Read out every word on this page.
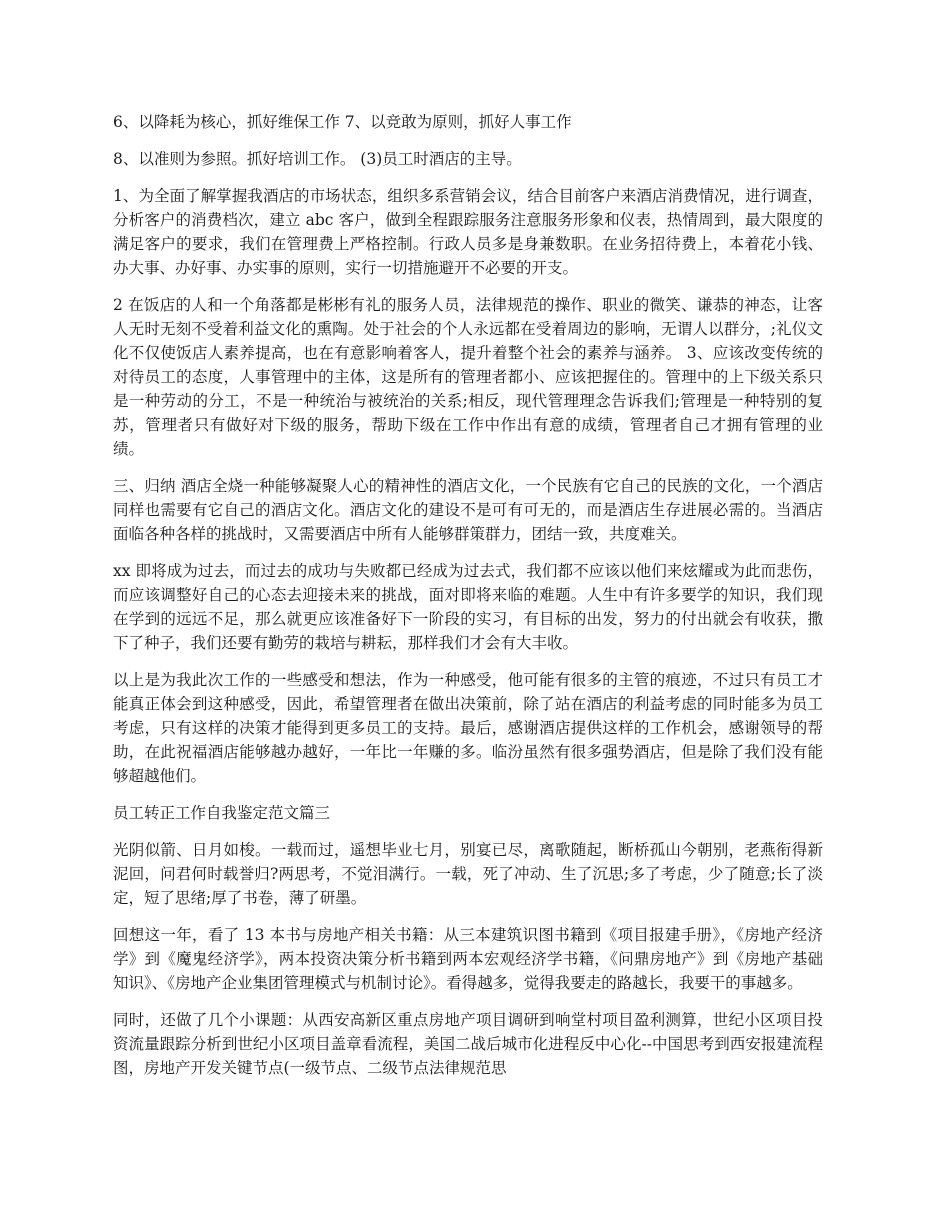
6、以降耗为核心，抓好维保工作 7、以竞敢为原则，抓好人事工作

8、以准则为参照。抓好培训工作。 (3)员工时酒店的主导。

1、为全面了解掌握我酒店的市场状态，组织多系营销会议，结合目前客户来酒店消费情况，进行调查，分析客户的消费档次，建立 abc 客户，做到全程跟踪服务注意服务形象和仪表，热情周到，最大限度的满足客户的要求，我们在管理费上严格控制。行政人员多是身兼数职。在业务招待费上，本着花小钱、办大事、办好事、办实事的原则，实行一切措施避开不必要的开支。

2 在饭店的人和一个角落都是彬彬有礼的服务人员，法律规范的操作、职业的微笑、谦恭的神态，让客人无时无刻不受着利益文化的熏陶。处于社会的个人永远都在受着周边的影响，无谓人以群分，;礼仪文化不仅使饭店人素养提高，也在有意影响着客人，提升着整个社会的素养与涵养。 3、应该改变传统的对待员工的态度，人事管理中的主体，这是所有的管理者都小、应该把握住的。管理中的上下级关系只是一种劳动的分工，不是一种统治与被统治的关系;相反，现代管理理念告诉我们;管理是一种特别的复苏，管理者只有做好对下级的服务，帮助下级在工作中作出有意的成绩，管理者自己才拥有管理的业绩。

三、归纳 酒店全烧一种能够凝聚人心的精神性的酒店文化，一个民族有它自己的民族的文化，一个酒店同样也需要有它自己的酒店文化。酒店文化的建设不是可有可无的，而是酒店生存进展必需的。当酒店面临各种各样的挑战时，又需要酒店中所有人能够群策群力，团结一致，共度难关。

xx 即将成为过去，而过去的成功与失败都已经成为过去式，我们都不应该以他们来炫耀或为此而悲伤，而应该调整好自己的心态去迎接未来的挑战，面对即将来临的难题。人生中有许多要学的知识，我们现在学到的远远不足，那么就更应该准备好下一阶段的实习，有目标的出发，努力的付出就会有收获，撒下了种子，我们还要有勤劳的栽培与耕耘，那样我们才会有大丰收。

以上是为我此次工作的一些感受和想法，作为一种感受，他可能有很多的主管的痕迹，不过只有员工才能真正体会到这种感受，因此，希望管理者在做出决策前，除了站在酒店的利益考虑的同时能多为员工考虑，只有这样的决策才能得到更多员工的支持。最后，感谢酒店提供这样的工作机会，感谢领导的帮助，在此祝福酒店能够越办越好，一年比一年赚的多。临汾虽然有很多强势酒店，但是除了我们没有能够超越他们。

员工转正工作自我鉴定范文篇三

光阴似箭、日月如梭。一载而过，遥想毕业七月，别宴已尽，离歌随起，断桥孤山今朝别，老燕衔得新泥回，问君何时载誉归?两思考，不觉泪满行。一载，死了冲动、生了沉思;多了考虑，少了随意;长了淡定，短了思绪;厚了书卷，薄了研墨。

回想这一年，看了 13 本书与房地产相关书籍：从三本建筑识图书籍到《项目报建手册》，《房地产经济学》到《魔鬼经济学》，两本投资决策分析书籍到两本宏观经济学书籍，《问鼎房地产》到《房地产基础知识》、《房地产企业集团管理模式与机制讨论》。看得越多，觉得我要走的路越长，我要干的事越多。

同时，还做了几个小课题：从西安高新区重点房地产项目调研到响堂村项目盈利测算，世纪小区项目投资流量跟踪分析到世纪小区项目盖章看流程，美国二战后城市化进程反中心化--中国思考到西安报建流程图，房地产开发关键节点(一级节点、二级节点法律规范思
